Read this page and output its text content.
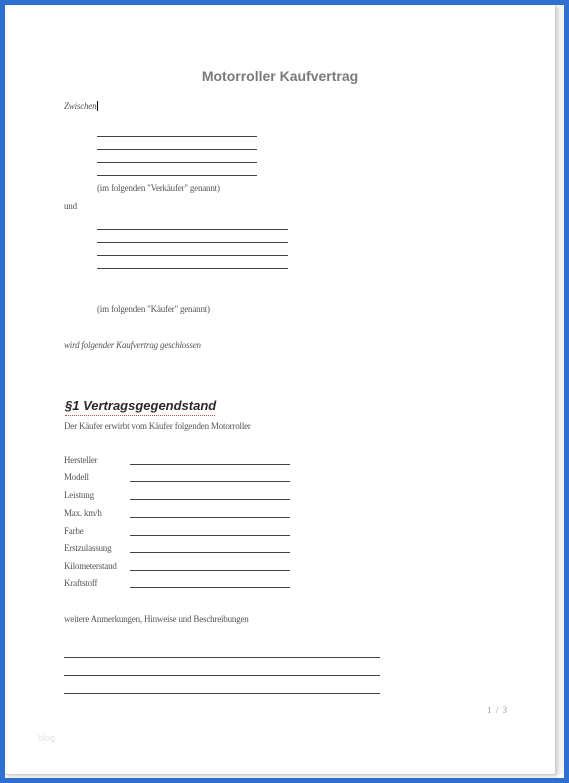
Motorroller Kaufvertrag
Zwischen
(im folgenden "Verkäufer" genannt)
und
(im folgenden "Käufer" genannt)
wird folgender Kaufvertrag geschlossen
§1 Vertragsgegendstand
Der Käufer erwirbt vom Käufer folgenden Motorroller
Hersteller
Modell
Leistung
Max. km/h
Farbe
Erstzulassung
Kilometerstand
Kraftstoff
weitere Anmerkungen, Hinweise und Beschreibungen
1 / 3
blog
